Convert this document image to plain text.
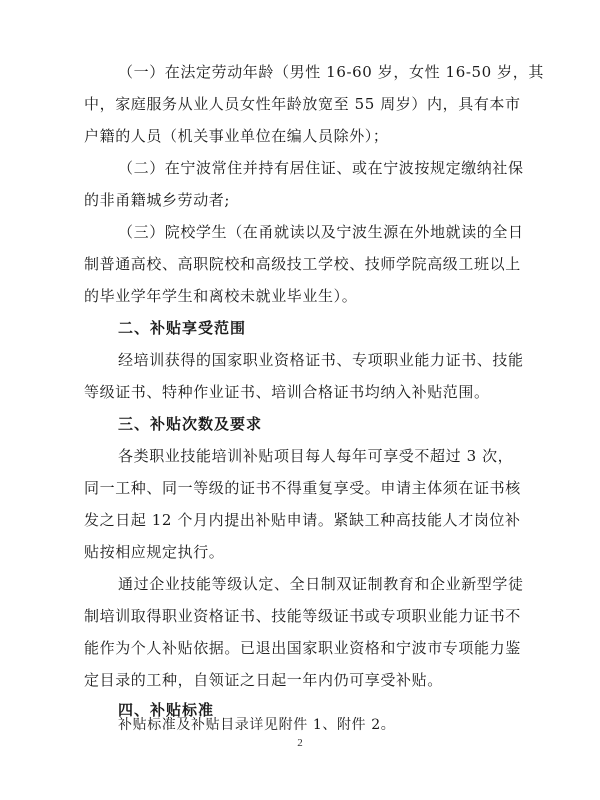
（一）在法定劳动年龄（男性 16-60 岁，女性 16-50 岁，其
中，家庭服务从业人员女性年龄放宽至 55 周岁）内，具有本市
户籍的人员（机关事业单位在编人员除外）；
（二）在宁波常住并持有居住证、或在宁波按规定缴纳社保
的非甬籍城乡劳动者;
（三）院校学生（在甬就读以及宁波生源在外地就读的全日
制普通高校、高职院校和高级技工学校、技师学院高级工班以上
的毕业学年学生和离校未就业毕业生）。
二、补贴享受范围
经培训获得的国家职业资格证书、专项职业能力证书、技能
等级证书、特种作业证书、培训合格证书均纳入补贴范围。
三、补贴次数及要求
各类职业技能培训补贴项目每人每年可享受不超过 3 次，
同一工种、同一等级的证书不得重复享受。申请主体须在证书核
发之日起 12 个月内提出补贴申请。紧缺工种高技能人才岗位补
贴按相应规定执行。
通过企业技能等级认定、全日制双证制教育和企业新型学徒
制培训取得职业资格证书、技能等级证书或专项职业能力证书不
能作为个人补贴依据。已退出国家职业资格和宁波市专项能力鉴
定目录的工种，自领证之日起一年内仍可享受补贴。
四、补贴标准
补贴标准及补贴目录详见附件 1、附件 2。
2
